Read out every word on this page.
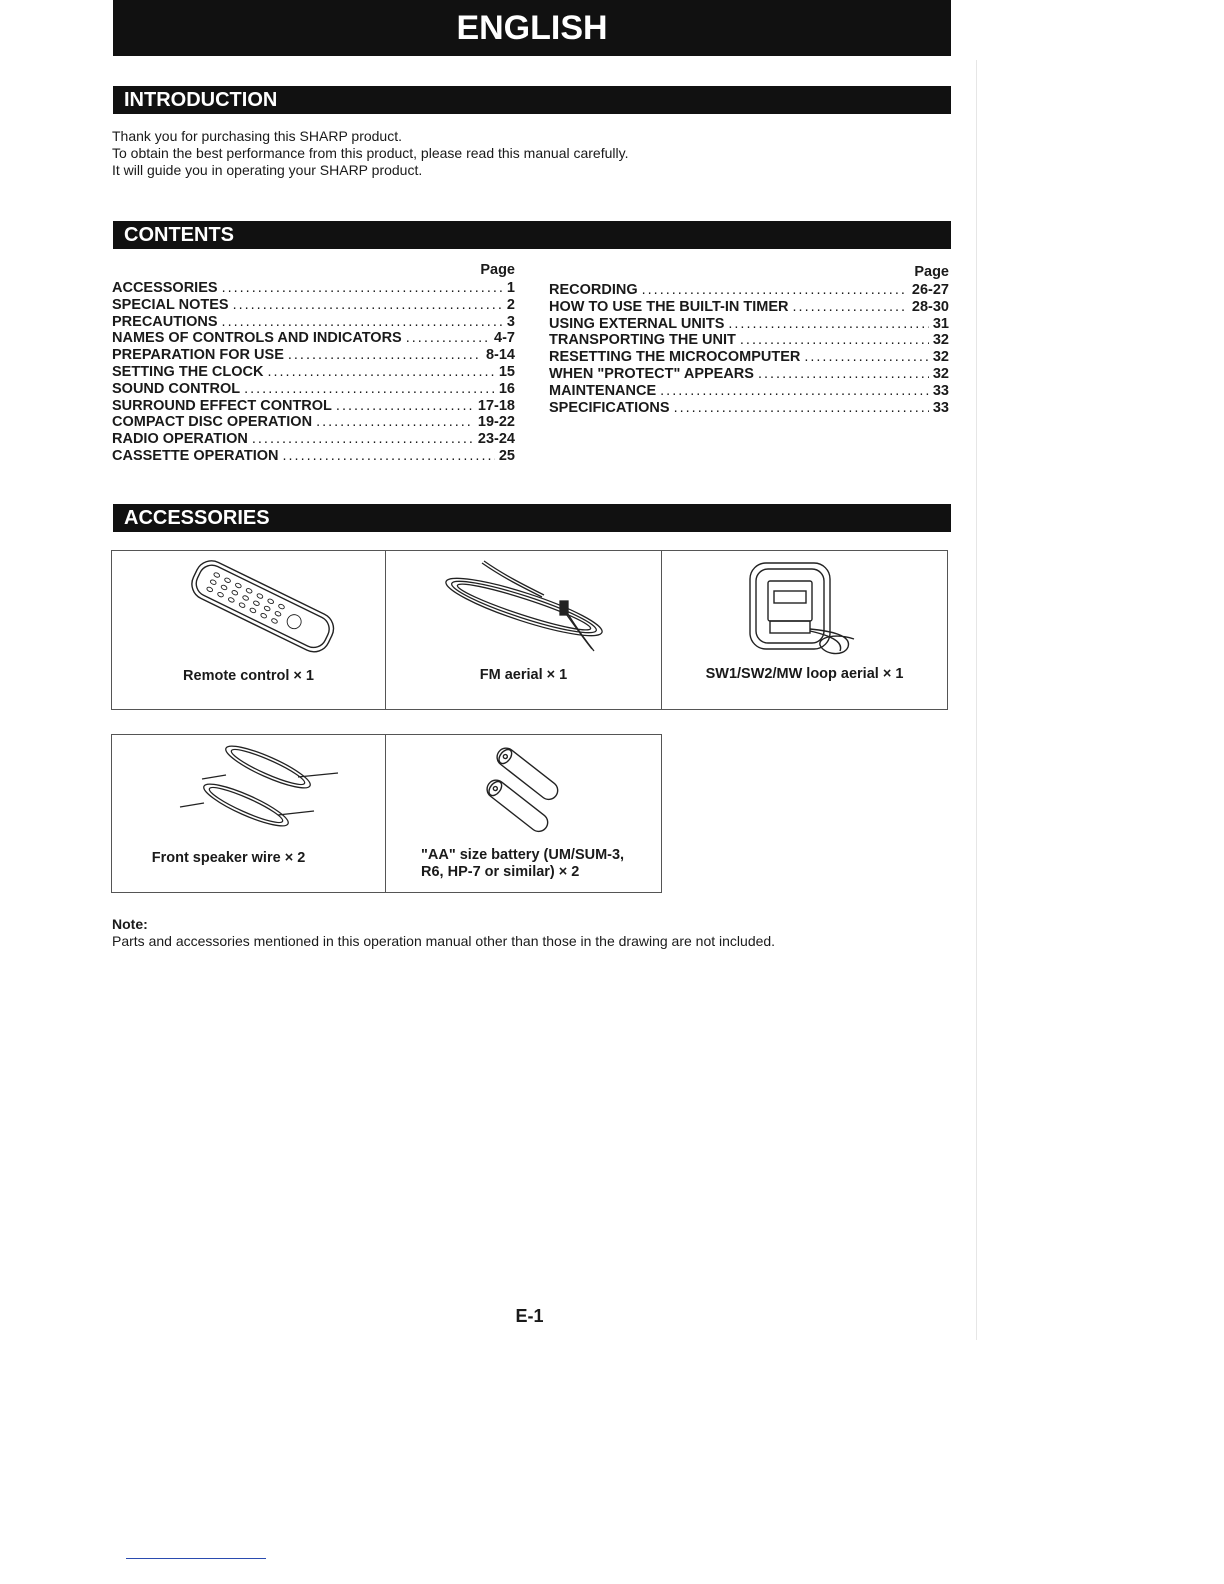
ENGLISH
INTRODUCTION

Thank you for purchasing this SHARP product.

To obtain the best performance from this product, please read this manual carefully.

It will guide you in operating your SHARP product.

CONTENTS
Page
ACCESSORIES .....	1
SPECIAL NOTES .....	2
PRECAUTIONS .....	3
NAMES OF CONTROLS AND INDICATORS .....	4-7
PREPARATION FOR USE .....	8-14
SETTING THE CLOCK .....	15
SOUND CONTROL .....	16
SURROUND EFFECT CONTROL .....	17-18
COMPACT DISC OPERATION .....	19-22
RADIO OPERATION .....	23-24
CASSETTE OPERATION .....	25
Page
RECORDING .....	26-27
HOW TO USE THE BUILT-IN TIMER .....	28-30
USING EXTERNAL UNITS .....	31
TRANSPORTING THE UNIT .....	32
RESETTING THE MICROCOMPUTER .....	32
WHEN "PROTECT" APPEARS .....	32
MAINTENANCE .....	33
SPECIFICATIONS .....	33
ACCESSORIES
Remote control × 1	FM aerial × 1	SW1/SW2/MW loop aerial × 1
Front speaker wire × 2	"AA" size battery (UM/SUM-3,
R6, HP-7 or similar) × 2
Note:
Parts and accessories mentioned in this operation manual other than those in the drawing are not included.
E-1
